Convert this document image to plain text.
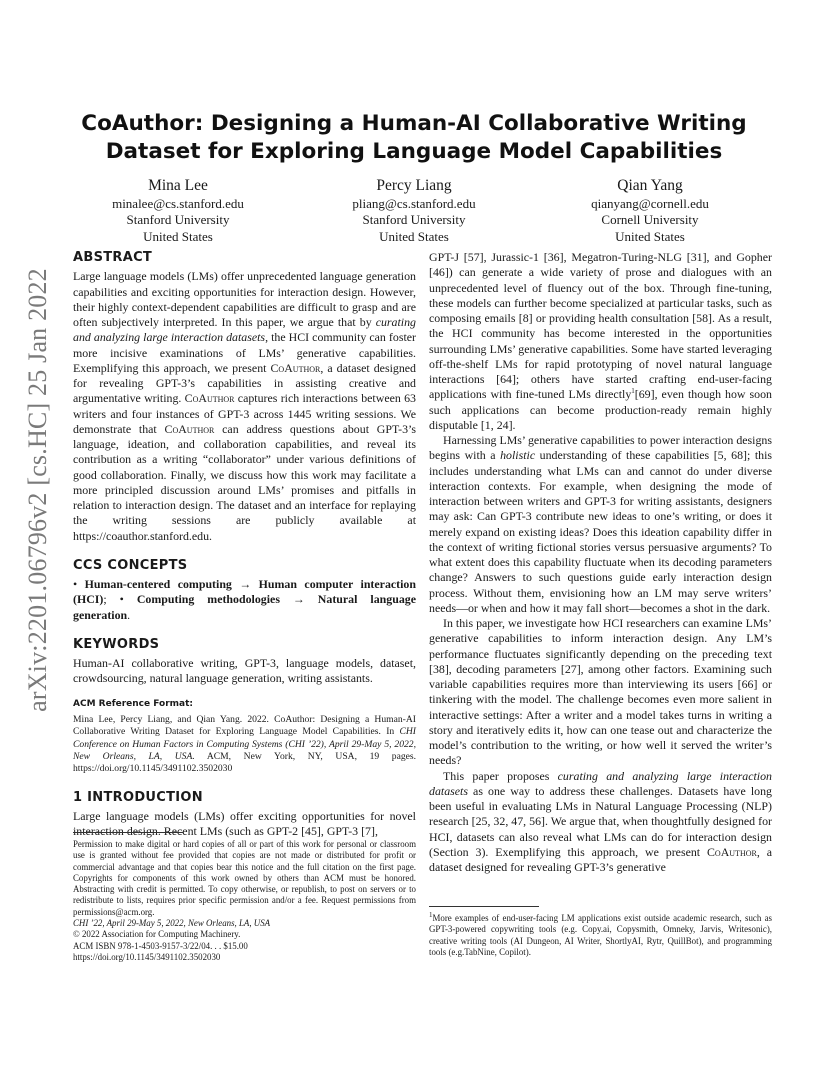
arXiv:2201.06796v2 [cs.HC] 25 Jan 2022
CoAuthor: Designing a Human-AI Collaborative Writing Dataset for Exploring Language Model Capabilities
Mina Lee
minalee@cs.stanford.edu
Stanford University
United States
Percy Liang
pliang@cs.stanford.edu
Stanford University
United States
Qian Yang
qianyang@cornell.edu
Cornell University
United States
ABSTRACT

Large language models (LMs) offer unprecedented language generation capabilities and exciting opportunities for interaction design. However, their highly context-dependent capabilities are difficult to grasp and are often subjectively interpreted. In this paper, we argue that by curating and analyzing large interaction datasets, the HCI community can foster more incisive examinations of LMs’ generative capabilities. Exemplifying this approach, we present CoAuthor, a dataset designed for revealing GPT-3’s capabilities in assisting creative and argumentative writing. CoAuthor captures rich interactions between 63 writers and four instances of GPT-3 across 1445 writing sessions. We demonstrate that CoAuthor can address questions about GPT-3’s language, ideation, and collaboration capabilities, and reveal its contribution as a writing “collaborator” under various definitions of good collaboration. Finally, we discuss how this work may facilitate a more principled discussion around LMs’ promises and pitfalls in relation to interaction design. The dataset and an interface for replaying the writing sessions are publicly available at https://coauthor.stanford.edu.

CCS CONCEPTS

• Human-centered computing → Human computer interaction (HCI); • Computing methodologies → Natural language generation.

KEYWORDS

Human-AI collaborative writing, GPT-3, language models, dataset, crowdsourcing, natural language generation, writing assistants.

ACM Reference Format:

Mina Lee, Percy Liang, and Qian Yang. 2022. CoAuthor: Designing a Human-AI Collaborative Writing Dataset for Exploring Language Model Capabilities. In CHI Conference on Human Factors in Computing Systems (CHI ’22), April 29-May 5, 2022, New Orleans, LA, USA. ACM, New York, NY, USA, 19 pages. https://doi.org/10.1145/3491102.3502030

1 INTRODUCTION

Large language models (LMs) offer exciting opportunities for novel interaction design. Recent LMs (such as GPT-2 [45], GPT-3 [7],

Permission to make digital or hard copies of all or part of this work for personal or classroom use is granted without fee provided that copies are not made or distributed for profit or commercial advantage and that copies bear this notice and the full citation on the first page. Copyrights for components of this work owned by others than ACM must be honored. Abstracting with credit is permitted. To copy otherwise, or republish, to post on servers or to redistribute to lists, requires prior specific permission and/or a fee. Request permissions from permissions@acm.org.

CHI ’22, April 29-May 5, 2022, New Orleans, LA, USA
© 2022 Association for Computing Machinery.
ACM ISBN 978-1-4503-9157-3/22/04. . . $15.00
https://doi.org/10.1145/3491102.3502030

GPT-J [57], Jurassic-1 [36], Megatron-Turing-NLG [31], and Gopher [46]) can generate a wide variety of prose and dialogues with an unprecedented level of fluency out of the box. Through fine-tuning, these models can further become specialized at particular tasks, such as composing emails [8] or providing health consultation [58]. As a result, the HCI community has become interested in the opportunities surrounding LMs’ generative capabilities. Some have started leveraging off-the-shelf LMs for rapid prototyping of novel natural language interactions [64]; others have started crafting end-user-facing applications with fine-tuned LMs directly$^1$[69], even though how soon such applications can become production-ready remain highly disputable [1, 24].

Harnessing LMs’ generative capabilities to power interaction designs begins with a holistic understanding of these capabilities [5, 68]; this includes understanding what LMs can and cannot do under diverse interaction contexts. For example, when designing the mode of interaction between writers and GPT-3 for writing assistants, designers may ask: Can GPT-3 contribute new ideas to one’s writing, or does it merely expand on existing ideas? Does this ideation capability differ in the context of writing fictional stories versus persuasive arguments? To what extent does this capability fluctuate when its decoding parameters change? Answers to such questions guide early interaction design process. Without them, envisioning how an LM may serve writers’ needs—or when and how it may fall short—becomes a shot in the dark.

In this paper, we investigate how HCI researchers can examine LMs’ generative capabilities to inform interaction design. Any LM’s performance fluctuates significantly depending on the preceding text [38], decoding parameters [27], among other factors. Examining such variable capabilities requires more than interviewing its users [66] or tinkering with the model. The challenge becomes even more salient in interactive settings: After a writer and a model takes turns in writing a story and iteratively edits it, how can one tease out and characterize the model’s contribution to the writing, or how well it served the writer’s needs?

This paper proposes curating and analyzing large interaction datasets as one way to address these challenges. Datasets have long been useful in evaluating LMs in Natural Language Processing (NLP) research [25, 32, 47, 56]. We argue that, when thoughtfully designed for HCI, datasets can also reveal what LMs can do for interaction design (Section 3). Exemplifying this approach, we present CoAuthor, a dataset designed for revealing GPT-3’s generative

$^1$More examples of end-user-facing LM applications exist outside academic research, such as GPT-3-powered copywriting tools (e.g. Copy.ai, Copysmith, Omneky, Jarvis, Writesonic), creative writing tools (AI Dungeon, AI Writer, ShortlyAI, Rytr, QuillBot), and programming tools (e.g.TabNine, Copilot).
